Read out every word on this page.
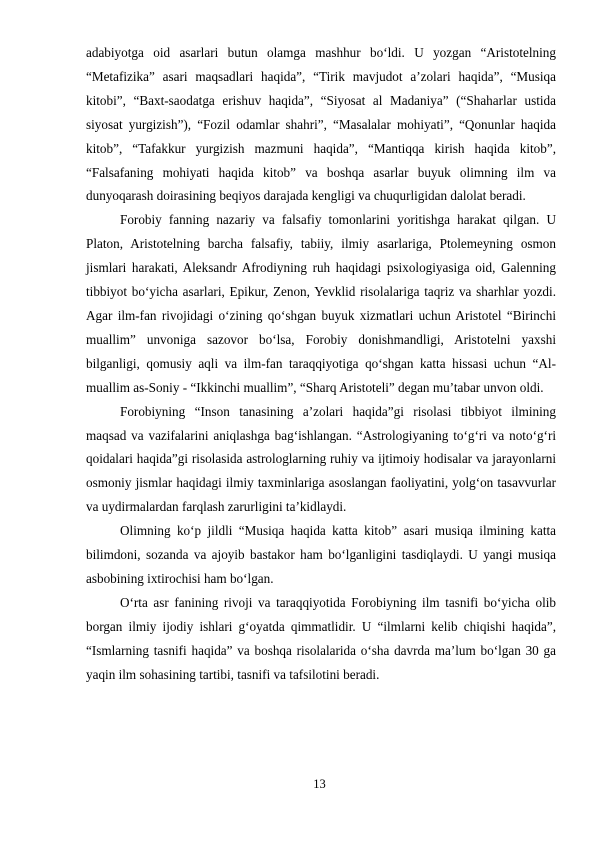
adabiyotga oid asarlari butun olamga mashhur bo‘ldi. U yozgan “Aristotelning “Metafizika” asari maqsadlari haqida”, “Tirik mavjudot a’zolari haqida”, “Musiqa kitobi”, “Baxt-saodatga erishuv haqida”, “Siyosat al Madaniya” (“Shaharlar ustida siyosat yurgizish”), “Fozil odamlar shahri”, “Masalalar mohiyati”, “Qonunlar haqida kitob”, “Tafakkur yurgizish mazmuni haqida”, “Mantiqqa kirish haqida kitob”, “Falsafaning mohiyati haqida kitob” va boshqa asarlar buyuk olimning ilm va dunyoqarash doirasining beqiyos darajada kengligi va chuqurligidan dalolat beradi.

Forobiy fanning nazariy va falsafiy tomonlarini yoritishga harakat qilgan. U Platon, Aristotelning barcha falsafiy, tabiiy, ilmiy asarlariga, Ptolemeyning osmon jismlari harakati, Aleksandr Afrodiyning ruh haqidagi psixologiyasiga oid, Galenning tibbiyot bo‘yicha asarlari, Epikur, Zenon, Yevklid risolalariga taqriz va sharhlar yozdi. Agar ilm-fan rivojidagi o‘zining qo‘shgan buyuk xizmatlari uchun Aristotel “Birinchi muallim” unvoniga sazovor bo‘lsa, Forobiy donishmandligi, Aristotelni yaxshi bilganligi, qomusiy aqli va ilm-fan taraqqiyotiga qo‘shgan katta hissasi uchun “Al-muallim as-Soniy - “Ikkinchi muallim”, “Sharq Aristoteli” degan mu’tabar unvon oldi.

Forobiyning “Inson tanasining a’zolari haqida”gi risolasi tibbiyot ilmining maqsad va vazifalarini aniqlashga bag‘ishlangan. “Astrologiyaning to‘g‘ri va noto‘g‘ri qoidalari haqida”gi risolasida astrologlarning ruhiy va ijtimoiy hodisalar va jarayonlarni osmoniy jismlar haqidagi ilmiy taxminlariga asoslangan faoliyatini, yolg‘on tasavvurlar va uydirmalardan farqlash zarurligini ta’kidlaydi.

Olimning ko‘p jildli “Musiqa haqida katta kitob” asari musiqa ilmining katta bilimdoni, sozanda va ajoyib bastakor ham bo‘lganligini tasdiqlaydi. U yangi musiqa asbobining ixtirochisi ham bo‘lgan.

O‘rta asr fanining rivoji va taraqqiyotida Forobiyning ilm tasnifi bo‘yicha olib borgan ilmiy ijodiy ishlari g‘oyatda qimmatlidir. U “ilmlarni kelib chiqishi haqida”, “Ismlarning tasnifi haqida” va boshqa risolalarida o‘sha davrda ma’lum bo‘lgan 30 ga yaqin ilm sohasining tartibi, tasnifi va tafsilotini beradi.

13
